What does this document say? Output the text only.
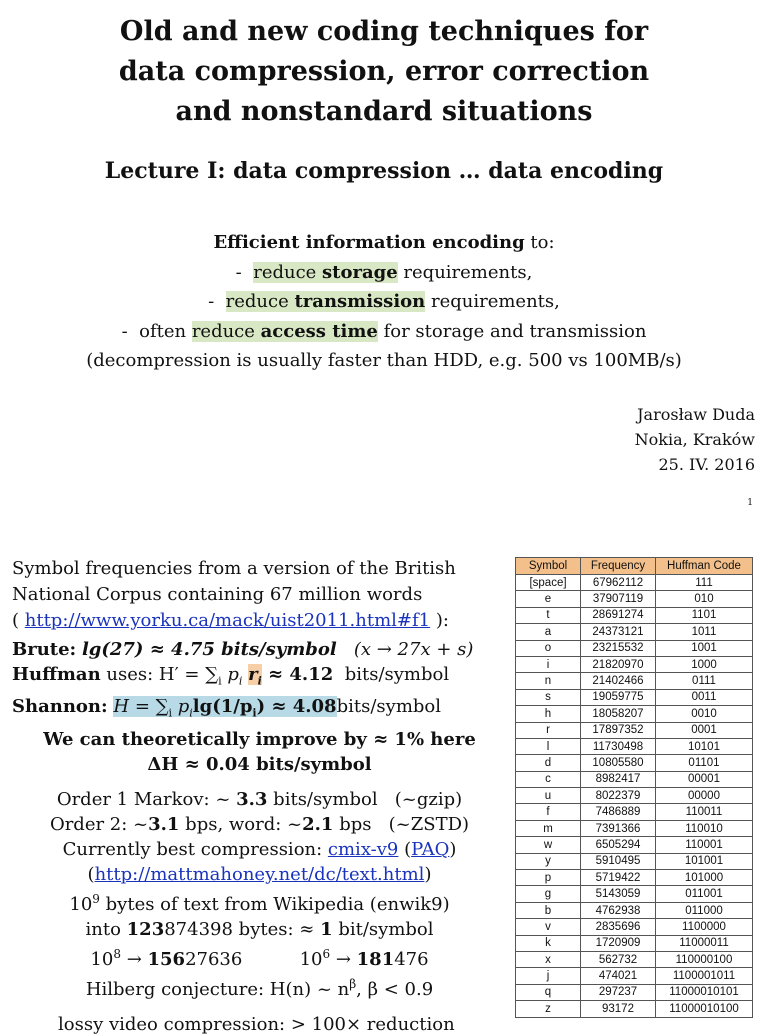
Old and new coding techniques for
data compression, error correction
and nonstandard situations
Lecture I: data compression … data encoding
Efficient information encoding to:
- reduce storage requirements,
- reduce transmission requirements,
- often reduce access time for storage and transmission
(decompression is usually faster than HDD, e.g. 500 vs 100MB/s)
Jarosław Duda
Nokia, Kraków
25. IV. 2016
1
Symbol frequencies from a version of the British National Corpus containing 67 million words
( http://www.yorku.ca/mack/uist2011.html#f1 ):
Brute: lg(27) ≈ 4.75 bits/symbol (x → 27x + s)
Huffman uses: $H' = \sum_i$ $p_i$ $r_i \approx 4.12$ bits/symbol
Shannon: $H = \sum_i$ $p_i\lg(1/p_i)$ ≈ 4.08bits/symbol
We can theoretically improve by ≈ 1% here
ΔH ≈ 0.04 bits/symbol
Order 1 Markov: ~ 3.3 bits/symbol (~gzip)
Order 2: ~3.1 bps, word: ~2.1 bps (~ZSTD)
Currently best compression: cmix-v9 (PAQ)
(http://mattmahoney.net/dc/text.html)
$10^9$ bytes of text from Wikipedia (enwik9)
into 123874398 bytes: ≈ 1 bit/symbol
$10^8 \to 15627636$	$10^6 \to 181476$
Hilberg conjecture: H(n) ~ $n^\beta$, β < 0.9
lossy video compression: > 100× reduction
Symbol	Frequency	Huffman Code
[space]	67962112	111
e	37907119	010
t	28691274	1101
a	24373121	1011
o	23215532	1001
i	21820970	1000
n	21402466	0111
s	19059775	0011
h	18058207	0010
r	17897352	0001
l	11730498	10101
d	10805580	01101
c	8982417	00001
u	8022379	00000
f	7486889	110011
m	7391366	110010
w	6505294	110001
y	5910495	101001
p	5719422	101000
g	5143059	011001
b	4762938	011000
v	2835696	1100000
k	1720909	11000011
x	562732	110000100
j	474021	1100001011
q	297237	11000010101
z	93172	11000010100
